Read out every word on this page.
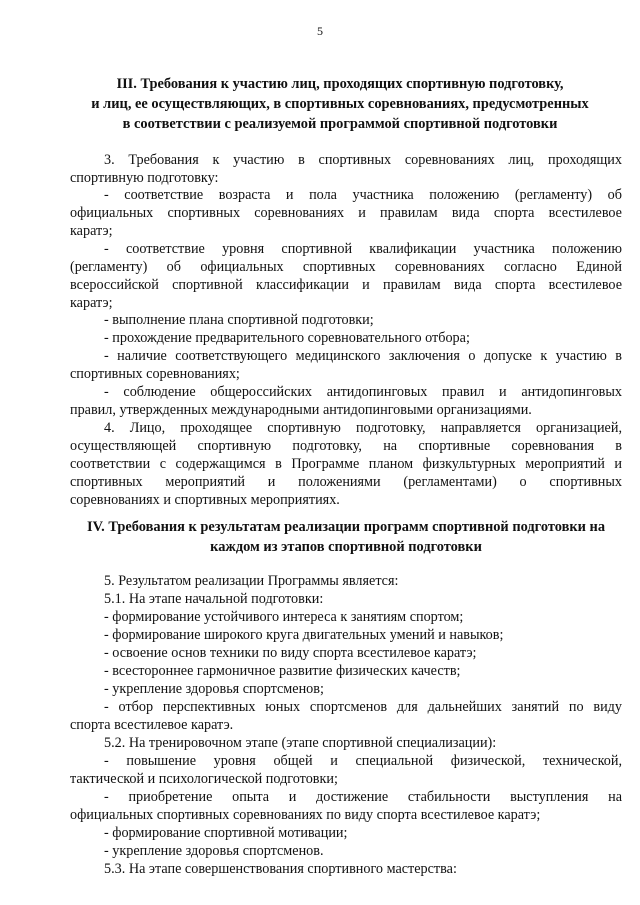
5
III. Требования к участию лиц, проходящих спортивную подготовку,
и лиц, ее осуществляющих, в спортивных соревнованиях, предусмотренных
в соответствии с реализуемой программой спортивной подготовки
3. Требования к участию в спортивных соревнованиях лиц, проходящих
спортивную подготовку:
- соответствие возраста и пола участника положению (регламенту) об
официальных спортивных соревнованиях и правилам вида спорта всестилевое
каратэ;
- соответствие уровня спортивной квалификации участника положению
(регламенту) об официальных спортивных соревнованиях согласно Единой
всероссийской спортивной классификации и правилам вида спорта всестилевое
каратэ;
- выполнение плана спортивной подготовки;
- прохождение предварительного соревновательного отбора;
- наличие соответствующего медицинского заключения о допуске к участию в
спортивных соревнованиях;
- соблюдение общероссийских антидопинговых правил и антидопинговых
правил, утвержденных международными антидопинговыми организациями.
4. Лицо, проходящее спортивную подготовку, направляется организацией,
осуществляющей спортивную подготовку, на спортивные соревнования в
соответствии с содержащимся в Программе планом физкультурных мероприятий и
спортивных мероприятий и положениями (регламентами) о спортивных
соревнованиях и спортивных мероприятиях.
IV. Требования к результатам реализации программ спортивной подготовки на
каждом из этапов спортивной подготовки
5. Результатом реализации Программы является:
5.1. На этапе начальной подготовки:
- формирование устойчивого интереса к занятиям спортом;
- формирование широкого круга двигательных умений и навыков;
- освоение основ техники по виду спорта всестилевое каратэ;
- всестороннее гармоничное развитие физических качеств;
- укрепление здоровья спортсменов;
- отбор перспективных юных спортсменов для дальнейших занятий по виду
спорта всестилевое каратэ.
5.2. На тренировочном этапе (этапе спортивной специализации):
- повышение уровня общей и специальной физической, технической,
тактической и психологической подготовки;
- приобретение опыта и достижение стабильности выступления на
официальных спортивных соревнованиях по виду спорта всестилевое каратэ;
- формирование спортивной мотивации;
- укрепление здоровья спортсменов.
5.3. На этапе совершенствования спортивного мастерства:
